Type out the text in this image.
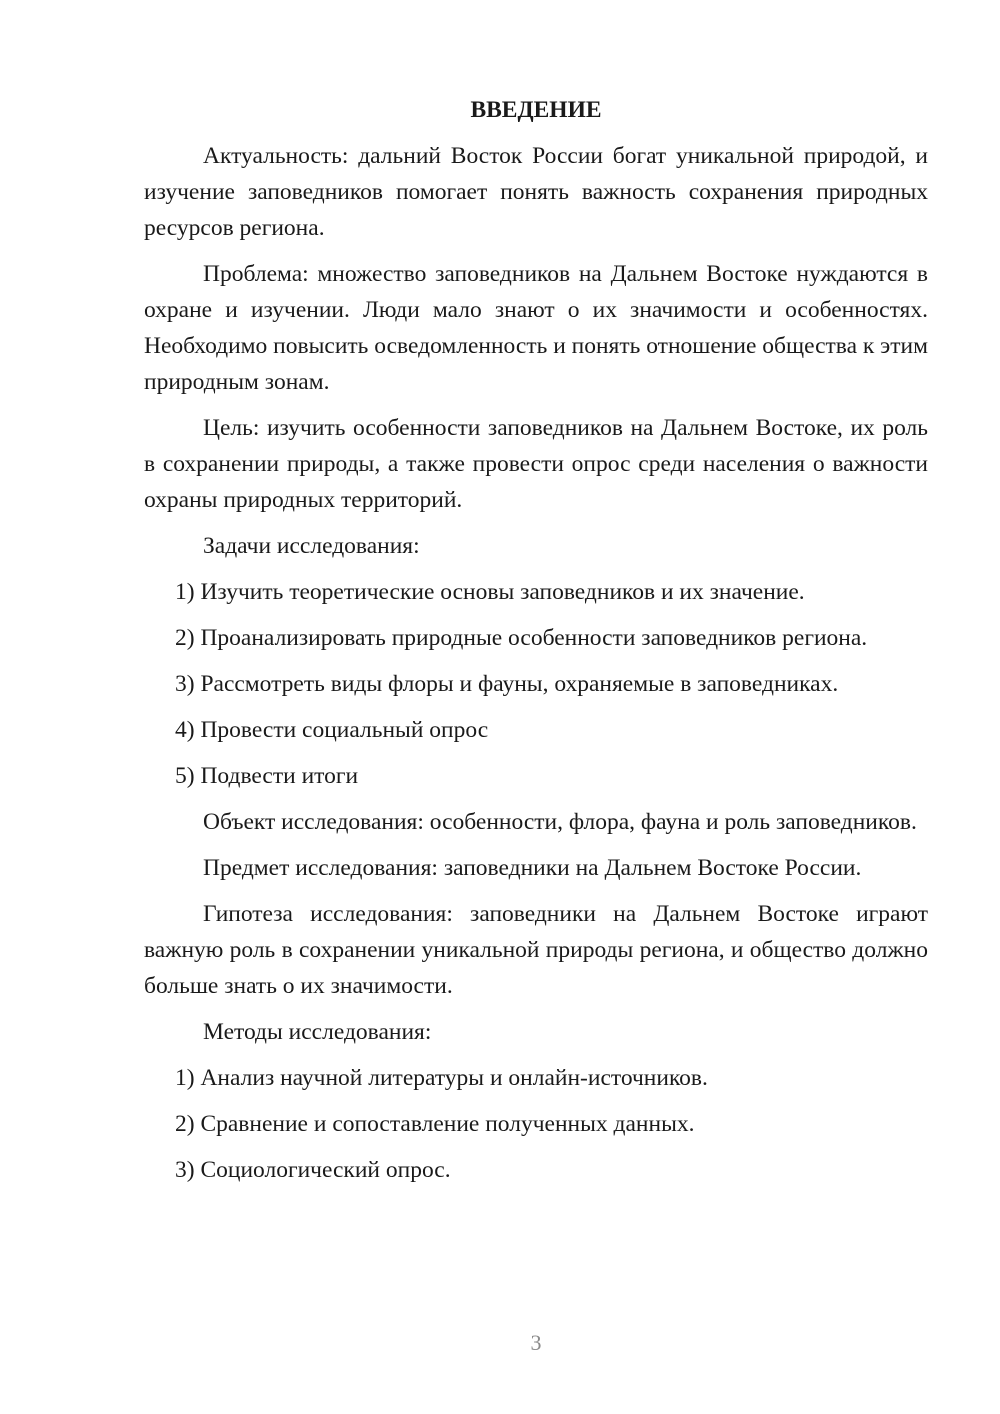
ВВЕДЕНИЕ

Актуальность: дальний Восток России богат уникальной природой, и изучение заповедников помогает понять важность сохранения природных ресурсов региона.

Проблема: множество заповедников на Дальнем Востоке нуждаются в охране и изучении. Люди мало знают о их значимости и особенностях. Необходимо повысить осведомленность и понять отношение общества к этим природным зонам.

Цель: изучить особенности заповедников на Дальнем Востоке, их роль в сохранении природы, а также провести опрос среди населения о важности охраны природных территорий.

Задачи исследования:

1) Изучить теоретические основы заповедников и их значение.
2) Проанализировать природные особенности заповедников региона.
3) Рассмотреть виды флоры и фауны, охраняемые в заповедниках.
4) Провести социальный опрос
5) Подвести итоги

Объект исследования: особенности, флора, фауна и роль заповедников.

Предмет исследования: заповедники на Дальнем Востоке России.

Гипотеза исследования: заповедники на Дальнем Востоке играют важную роль в сохранении уникальной природы региона, и общество должно больше знать о их значимости.

Методы исследования:

1) Анализ научной литературы и онлайн-источников.
2) Сравнение и сопоставление полученных данных.
3) Социологический опрос.
3
